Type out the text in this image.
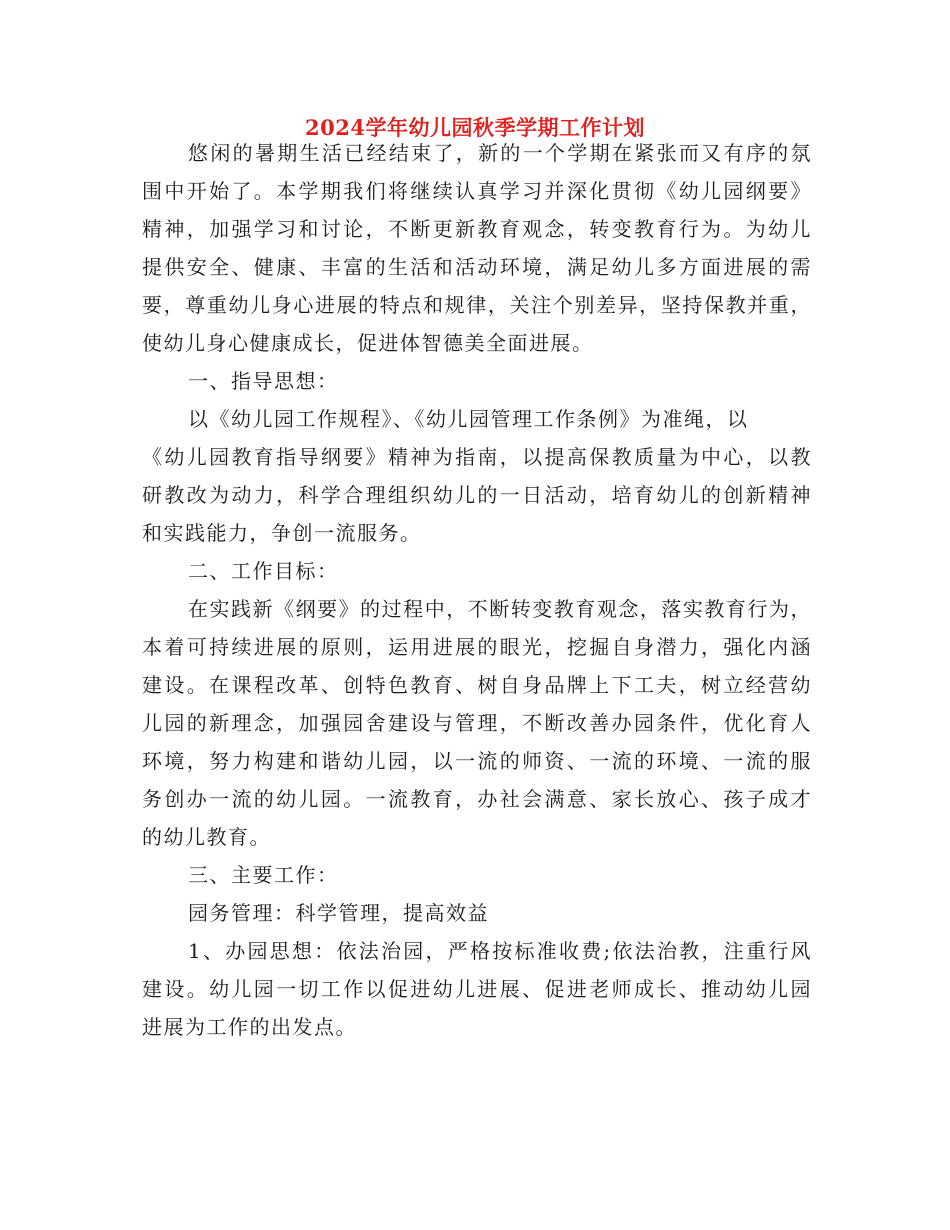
2024学年幼儿园秋季学期工作计划
悠闲的暑期生活已经结束了，新的一个学期在紧张而又有序的氛
围中开始了。本学期我们将继续认真学习并深化贯彻《幼儿园纲要》
精神，加强学习和讨论，不断更新教育观念，转变教育行为。为幼儿
提供安全、健康、丰富的生活和活动环境，满足幼儿多方面进展的需
要，尊重幼儿身心进展的特点和规律，关注个别差异，坚持保教并重，
使幼儿身心健康成长，促进体智德美全面进展。
一、指导思想：
以《幼儿园工作规程》、《幼儿园管理工作条例》为准绳，以
《幼儿园教育指导纲要》精神为指南，以提高保教质量为中心，以教
研教改为动力，科学合理组织幼儿的一日活动，培育幼儿的创新精神
和实践能力，争创一流服务。
二、工作目标：
在实践新《纲要》的过程中，不断转变教育观念，落实教育行为，
本着可持续进展的原则，运用进展的眼光，挖掘自身潜力，强化内涵
建设。在课程改革、创特色教育、树自身品牌上下工夫，树立经营幼
儿园的新理念，加强园舍建设与管理，不断改善办园条件，优化育人
环境，努力构建和谐幼儿园，以一流的师资、一流的环境、一流的服
务创办一流的幼儿园。一流教育，办社会满意、家长放心、孩子成才
的幼儿教育。
三、主要工作：
园务管理：科学管理，提高效益
1、办园思想：依法治园，严格按标准收费;依法治教，注重行风
建设。幼儿园一切工作以促进幼儿进展、促进老师成长、推动幼儿园
进展为工作的出发点。
